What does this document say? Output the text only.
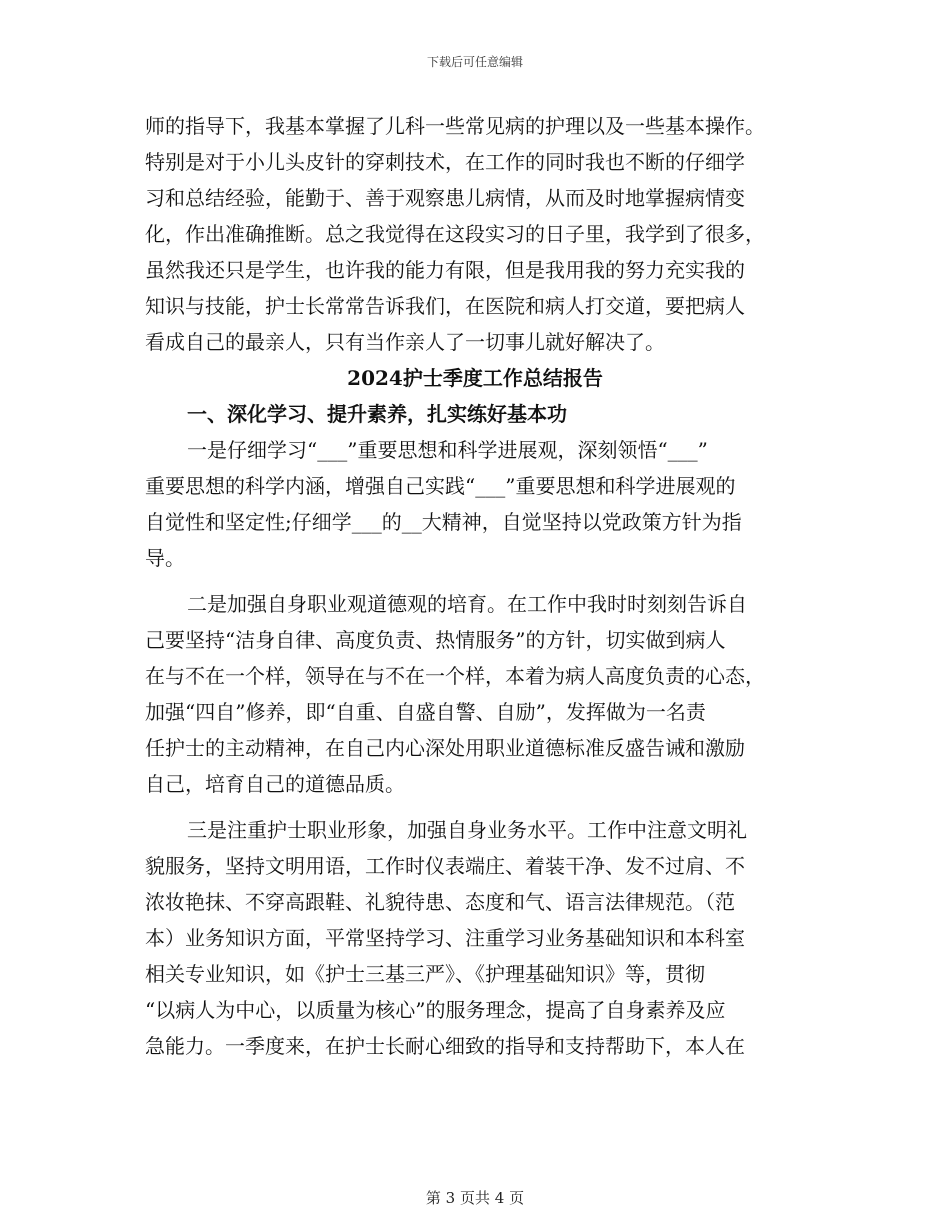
下载后可任意编辑
师的指导下，我基本掌握了儿科一些常见病的护理以及一些基本操作。
特别是对于小儿头皮针的穿刺技术，在工作的同时我也不断的仔细学
习和总结经验，能勤于、善于观察患儿病情，从而及时地掌握病情变
化，作出准确推断。总之我觉得在这段实习的日子里，我学到了很多，
虽然我还只是学生，也许我的能力有限，但是我用我的努力充实我的
知识与技能，护士长常常告诉我们，在医院和病人打交道，要把病人
看成自己的最亲人，只有当作亲人了一切事儿就好解决了。
2024护士季度工作总结报告
一、深化学习、提升素养，扎实练好基本功
一是仔细学习“___”重要思想和科学进展观，深刻领悟“___”
重要思想的科学内涵，增强自己实践“___”重要思想和科学进展观的
自觉性和坚定性;仔细学___的__大精神，自觉坚持以党政策方针为指
导。
二是加强自身职业观道德观的培育。在工作中我时时刻刻告诉自
己要坚持“洁身自律、高度负责、热情服务”的方针，切实做到病人
在与不在一个样，领导在与不在一个样，本着为病人高度负责的心态，
加强“四自”修养，即“自重、自盛自警、自励”，发挥做为一名责
任护士的主动精神，在自己内心深处用职业道德标准反盛告诫和激励
自己，培育自己的道德品质。
三是注重护士职业形象，加强自身业务水平。工作中注意文明礼
貌服务，坚持文明用语，工作时仪表端庄、着装干净、发不过肩、不
浓妆艳抹、不穿高跟鞋、礼貌待患、态度和气、语言法律规范。（范
本）业务知识方面，平常坚持学习、注重学习业务基础知识和本科室
相关专业知识，如《护士三基三严》、《护理基础知识》等，贯彻
“以病人为中心，以质量为核心”的服务理念，提高了自身素养及应
急能力。一季度来，在护士长耐心细致的指导和支持帮助下，本人在
第 3 页共 4 页
